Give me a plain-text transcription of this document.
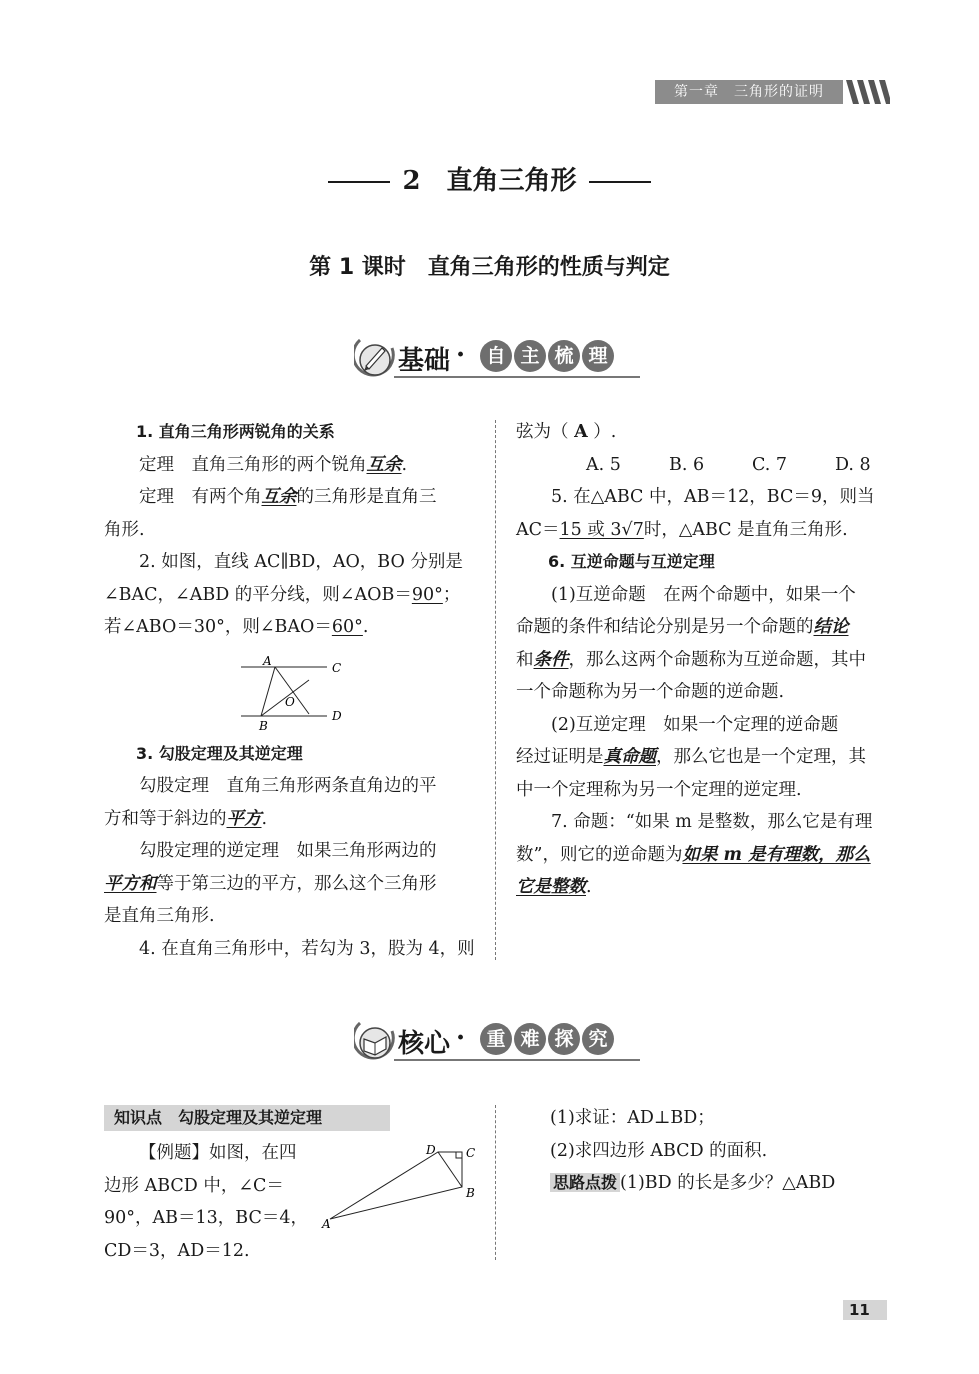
第一章　三角形的证明
2　直角三角形
第 1 课时　直角三角形的性质与判定
基础 ·	自 主 梳 理

1. 直角三角形两锐角的关系

定理　直角三角形的两个锐角互余.

定理　有两个角互余的三角形是直角三

角形.

2. 如图，直线 AC∥BD，AO，BO 分别是

∠BAC，∠ABD 的平分线，则∠AOB＝90°；

若∠ABO＝30°，则∠BAO＝60°.

3. 勾股定理及其逆定理

勾股定理　直角三角形两条直角边的平

方和等于斜边的平方.

勾股定理的逆定理　如果三角形两边的

平方和等于第三边的平方，那么这个三角形

是直角三角形.

4. 在直角三角形中，若勾为 3，股为 4，则

A	C
O
B
D

弦为（ A ）.

A. 5	B. 6	C. 7	D. 8

5. 在△ABC 中，AB＝12，BC＝9，则当

AC＝15 或 3√7时，△ABC 是直角三角形.

6. 互逆命题与互逆定理

(1)互逆命题　在两个命题中，如果一个

命题的条件和结论分别是另一个命题的结论

和条件，那么这两个命题称为互逆命题，其中

一个命题称为另一个命题的逆命题.

(2)互逆定理　如果一个定理的逆命题

经过证明是真命题，那么它也是一个定理，其

中一个定理称为另一个定理的逆定理.

7. 命题：“如果 m 是整数，那么它是有理

数”，则它的逆命题为如果 m 是有理数，那么

它是整数.

核心 ·	重 难 探 究
知识点　勾股定理及其逆定理

【例题】如图，在四

边形 ABCD 中，∠C＝

90°，AB＝13，BC＝4，

CD＝3，AD＝12.

A
D	C
B

(1)求证：AD⊥BD；

(2)求四边形 ABCD 的面积.

思路点拨 (1)BD 的长是多少？△ABD

11
